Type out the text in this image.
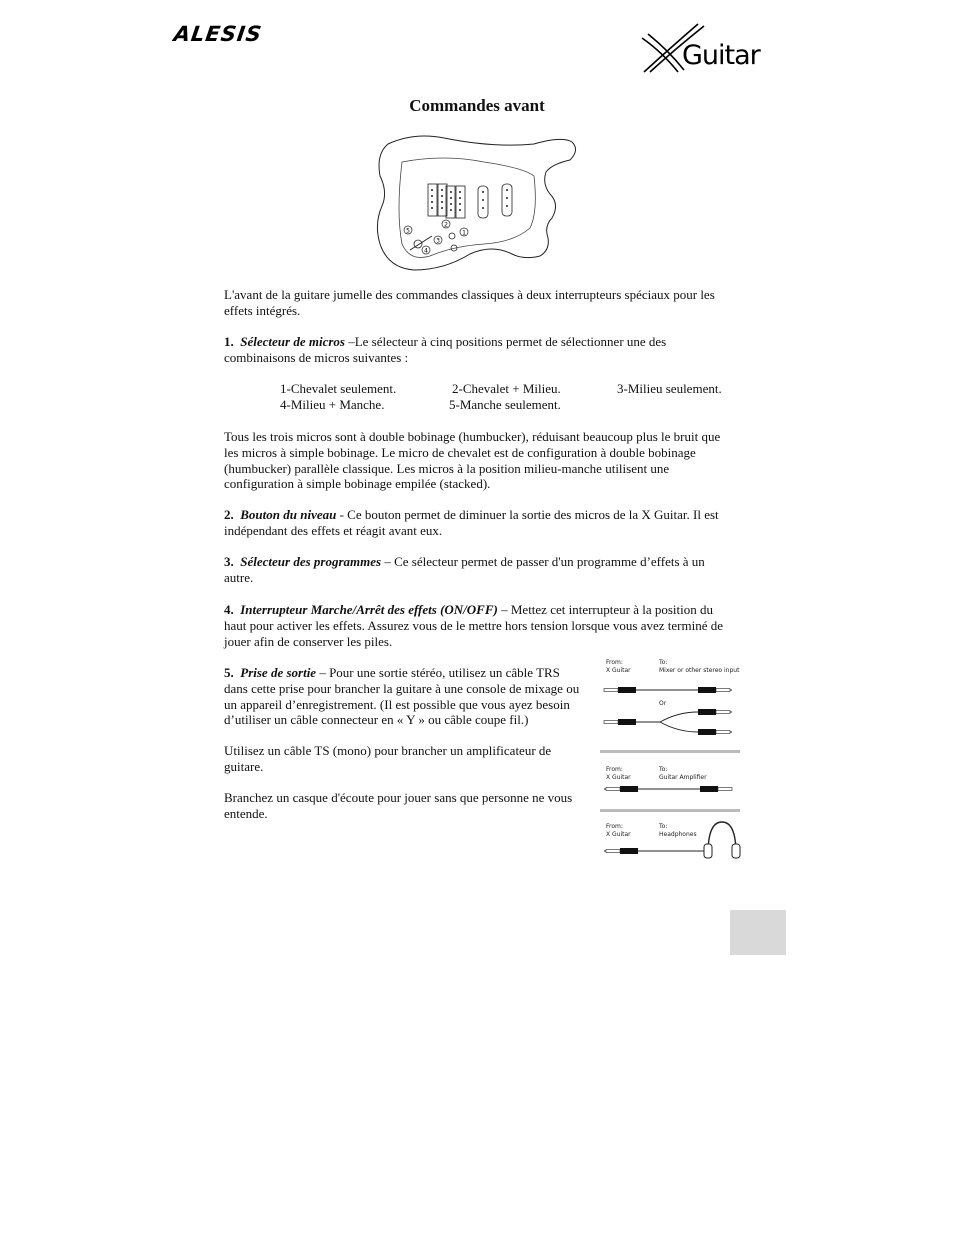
ALESIS
Guitar
Commandes avant
1
2
3
4
5
L'avant de la guitare jumelle des commandes classiques à deux interrupteurs spéciaux pour les effets intégrés.
1. Sélecteur de micros –Le sélecteur à cinq positions permet de sélectionner une des combinaisons de micros suivantes :
1-Chevalet seulement.	2-Chevalet + Milieu.	3-Milieu seulement.
4-Milieu + Manche.	5-Manche seulement.
Tous les trois micros sont à double bobinage (humbucker), réduisant beaucoup plus le bruit que les micros à simple bobinage. Le micro de chevalet est de configuration à double bobinage (humbucker) parallèle classique. Les micros à la position milieu-manche utilisent une configuration à simple bobinage empilée (stacked).
2. Bouton du niveau - Ce bouton permet de diminuer la sortie des micros de la X Guitar. Il est indépendant des effets et réagit avant eux.
3. Sélecteur des programmes – Ce sélecteur permet de passer d'un programme d’effets à un autre.
4. Interrupteur Marche/Arrêt des effets (ON/OFF) – Mettez cet interrupteur à la position du haut pour activer les effets. Assurez vous de le mettre hors tension lorsque vous avez terminé de jouer afin de conserver les piles.
5. Prise de sortie – Pour une sortie stéréo, utilisez un câble TRS dans cette prise pour brancher la guitare à une console de mixage ou un appareil d’enregistrement. (Il est possible que vous ayez besoin d’utiliser un câble connecteur en « Y » ou câble coupe fil.)
Utilisez un câble TS (mono) pour brancher un amplificateur de guitare.
Branchez un casque d'écoute pour jouer sans que personne ne vous entende.
From:
X Guitar
To:
Mixer or other stereo input
Or
From:
X Guitar
To:
Guitar Amplifier
From:
X Guitar
To:
Headphones
